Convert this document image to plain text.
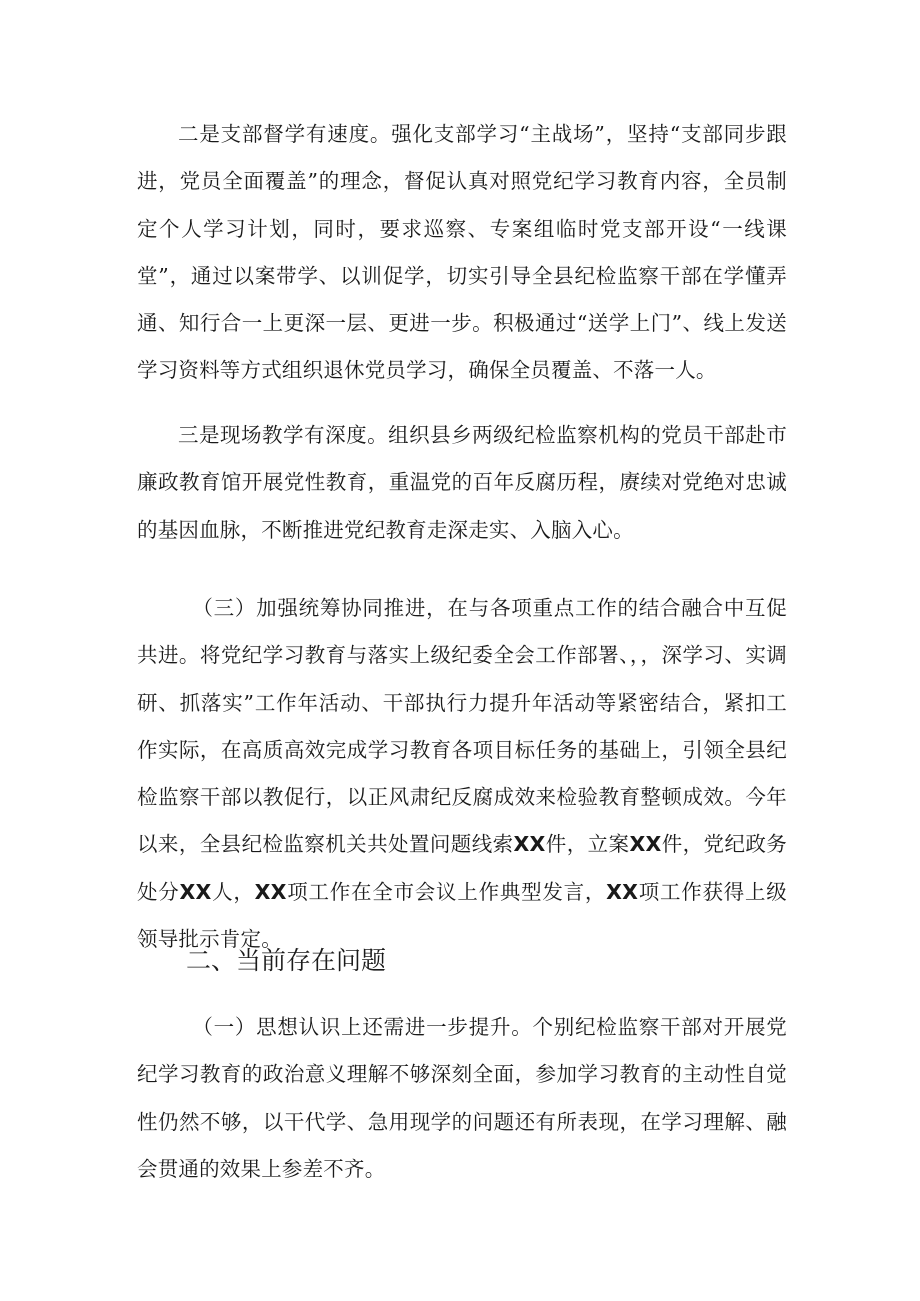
二是支部督学有速度。强化支部学习“主战场”，坚持“支部同步跟进，党员全面覆盖”的理念，督促认真对照党纪学习教育内容，全员制定个人学习计划，同时，要求巡察、专案组临时党支部开设“一线课堂”，通过以案带学、以训促学，切实引导全县纪检监察干部在学懂弄通、知行合一上更深一层、更进一步。积极通过“送学上门”、线上发送学习资料等方式组织退休党员学习，确保全员覆盖、不落一人。

三是现场教学有深度。组织县乡两级纪检监察机构的党员干部赴市廉政教育馆开展党性教育，重温党的百年反腐历程，赓续对党绝对忠诚的基因血脉，不断推进党纪教育走深走实、入脑入心。

（三）加强统筹协同推进，在与各项重点工作的结合融合中互促共进。将党纪学习教育与落实上级纪委全会工作部署、，，深学习、实调研、抓落实”工作年活动、干部执行力提升年活动等紧密结合，紧扣工作实际，在高质高效完成学习教育各项目标任务的基础上，引领全县纪检监察干部以教促行，以正风肃纪反腐成效来检验教育整顿成效。今年以来，全县纪检监察机关共处置问题线索XX件，立案XX件，党纪政务处分XX人，XX项工作在全市会议上作典型发言，XX项工作获得上级领导批示肯定。

二、当前存在问题

（一）思想认识上还需进一步提升。个别纪检监察干部对开展党纪学习教育的政治意义理解不够深刻全面，参加学习教育的主动性自觉性仍然不够，以干代学、急用现学的问题还有所表现，在学习理解、融会贯通的效果上参差不齐。
